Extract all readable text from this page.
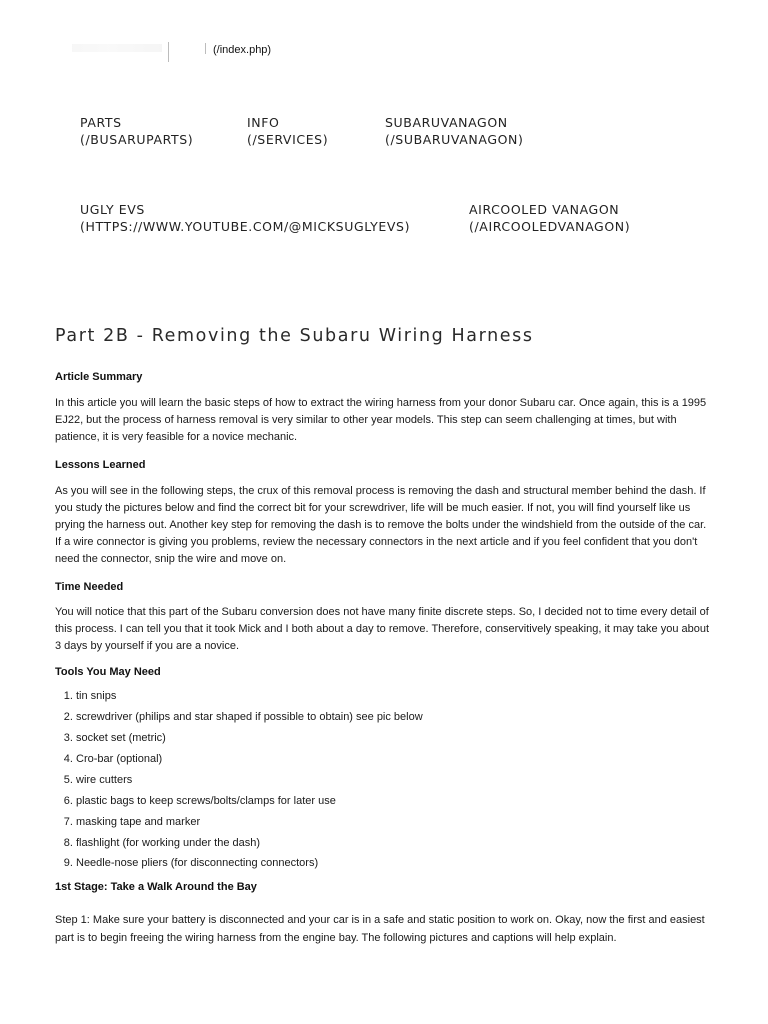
(/index.php)
PARTS
(/BUSARUPARTS)
INFO
(/SERVICES)
SUBARUVANAGON
(/SUBARUVANAGON)
UGLY EVS
(HTTPS://WWW.YOUTUBE.COM/@MICKSUGLYEVS)
AIRCOOLED VANAGON
(/AIRCOOLEDVANAGON)
Part 2B - Removing the Subaru Wiring Harness
Article Summary

In this article you will learn the basic steps of how to extract the wiring harness from your donor Subaru car. Once again, this is a 1995 EJ22, but the process of harness removal is very similar to other year models. This step can seem challenging at times, but with patience, it is very feasible for a novice mechanic.

Lessons Learned

As you will see in the following steps, the crux of this removal process is removing the dash and structural member behind the dash. If you study the pictures below and find the correct bit for your screwdriver, life will be much easier. If not, you will find yourself like us prying the harness out. Another key step for removing the dash is to remove the bolts under the windshield from the outside of the car. If a wire connector is giving you problems, review the necessary connectors in the next article and if you feel confident that you don't need the connector, snip the wire and move on.

Time Needed

You will notice that this part of the Subaru conversion does not have many finite discrete steps. So, I decided not to time every detail of this process. I can tell you that it took Mick and I both about a day to remove. Therefore, conservitively speaking, it may take you about 3 days by yourself if you are a novice.

Tools You May Need
1. tin snips
2. screwdriver (philips and star shaped if possible to obtain) see pic below
3. socket set (metric)
4. Cro-bar (optional)
5. wire cutters
6. plastic bags to keep screws/bolts/clamps for later use
7. masking tape and marker
8. flashlight (for working under the dash)
9. Needle-nose pliers (for disconnecting connectors)
1st Stage: Take a Walk Around the Bay

Step 1: Make sure your battery is disconnected and your car is in a safe and static position to work on. Okay, now the first and easiest part is to begin freeing the wiring harness from the engine bay. The following pictures and captions will help explain.
